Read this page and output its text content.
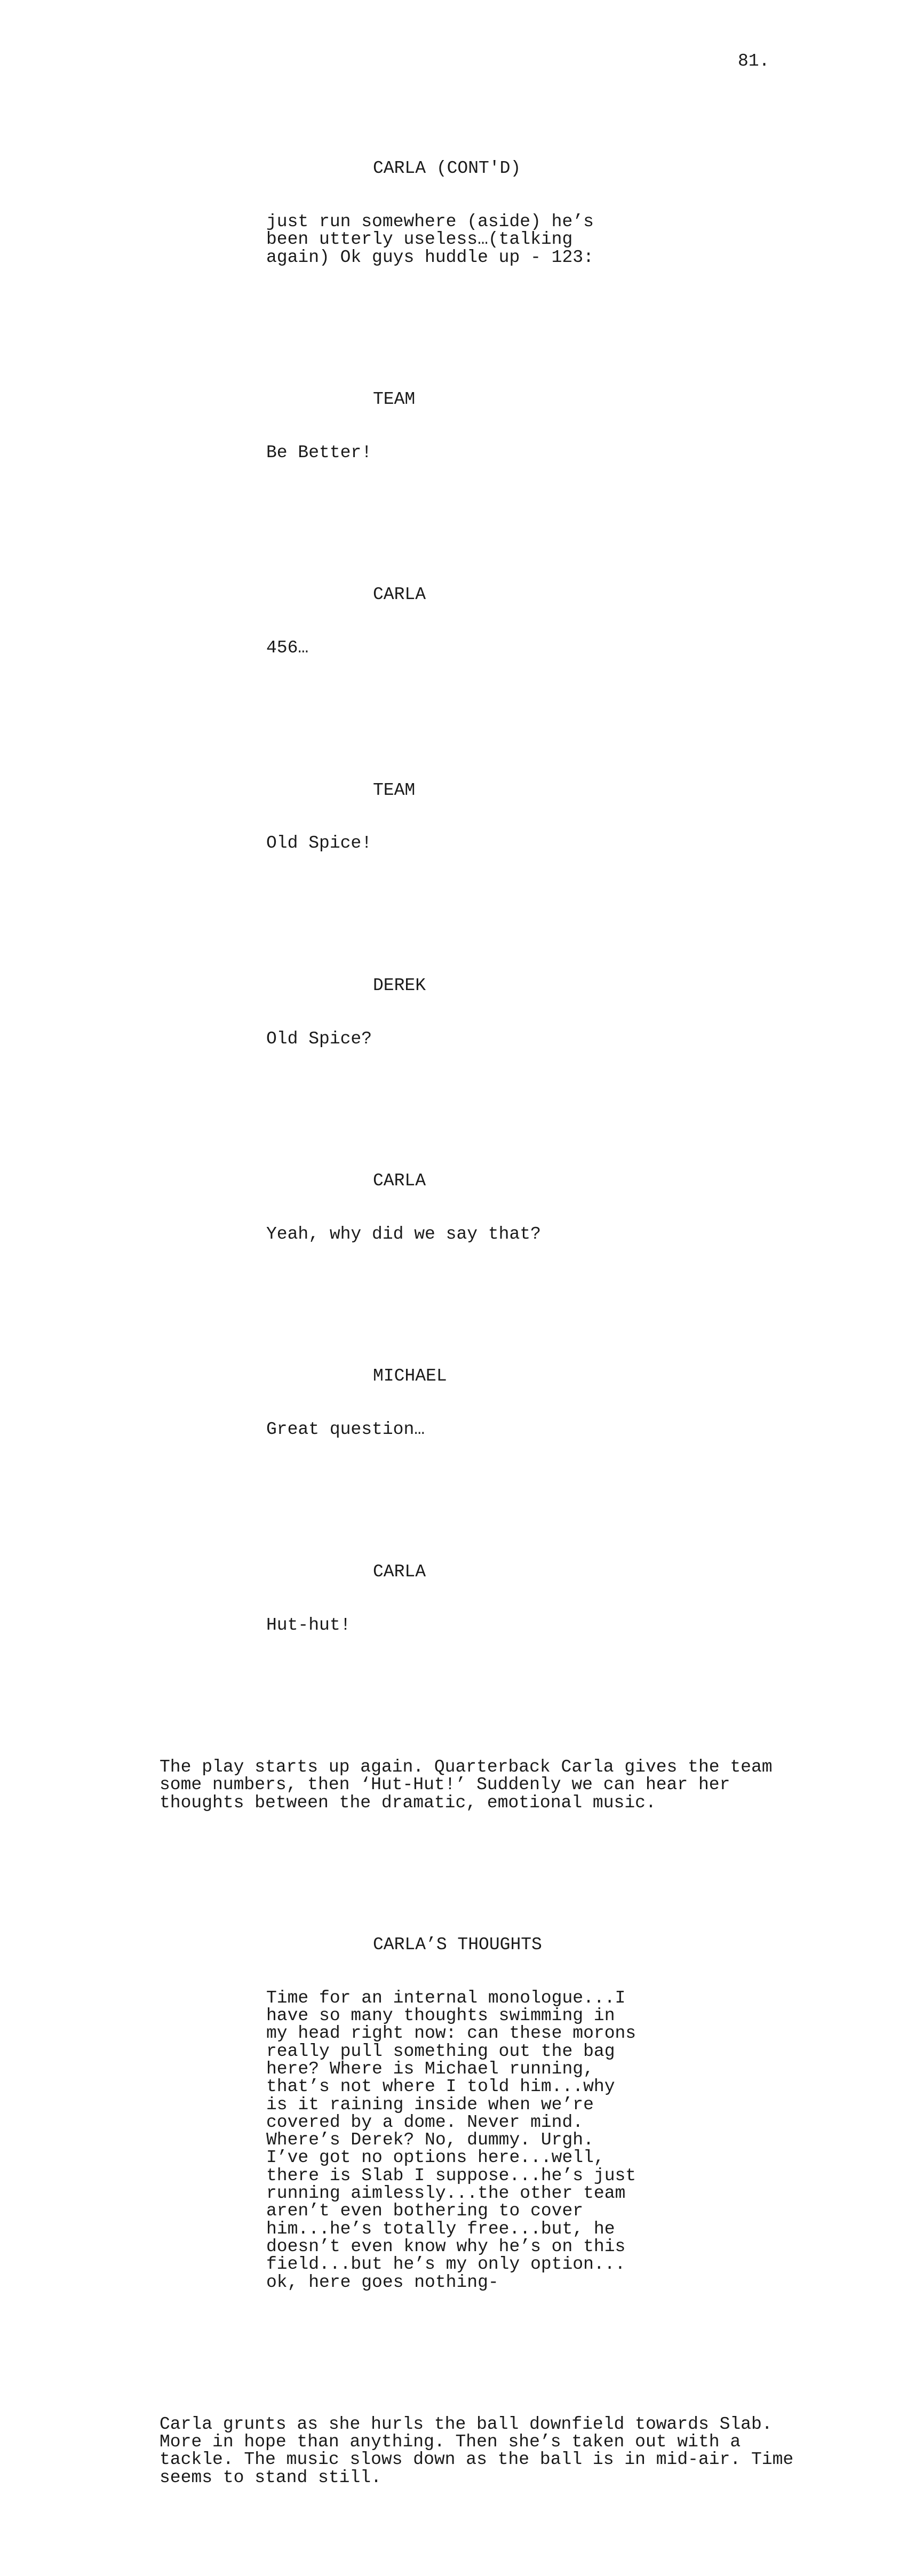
81.

CARLA (CONT'D)

just run somewhere (aside) he’s
been utterly useless…(talking
again) Ok guys huddle up - 123:

TEAM

Be Better!

CARLA

456…

TEAM

Old Spice!

DEREK

Old Spice?

CARLA

Yeah, why did we say that?

MICHAEL

Great question…

CARLA

Hut-hut!

The play starts up again. Quarterback Carla gives the team
some numbers, then ‘Hut-Hut!’ Suddenly we can hear her
thoughts between the dramatic, emotional music.

CARLA’S THOUGHTS

Time for an internal monologue...I
have so many thoughts swimming in
my head right now: can these morons
really pull something out the bag
here? Where is Michael running,
that’s not where I told him...why
is it raining inside when we’re
covered by a dome. Never mind.
Where’s Derek? No, dummy. Urgh.
I’ve got no options here...well,
there is Slab I suppose...he’s just
running aimlessly...the other team
aren’t even bothering to cover
him...he’s totally free...but, he
doesn’t even know why he’s on this
field...but he’s my only option...
ok, here goes nothing-

Carla grunts as she hurls the ball downfield towards Slab.
More in hope than anything. Then she’s taken out with a
tackle. The music slows down as the ball is in mid-air. Time
seems to stand still.
